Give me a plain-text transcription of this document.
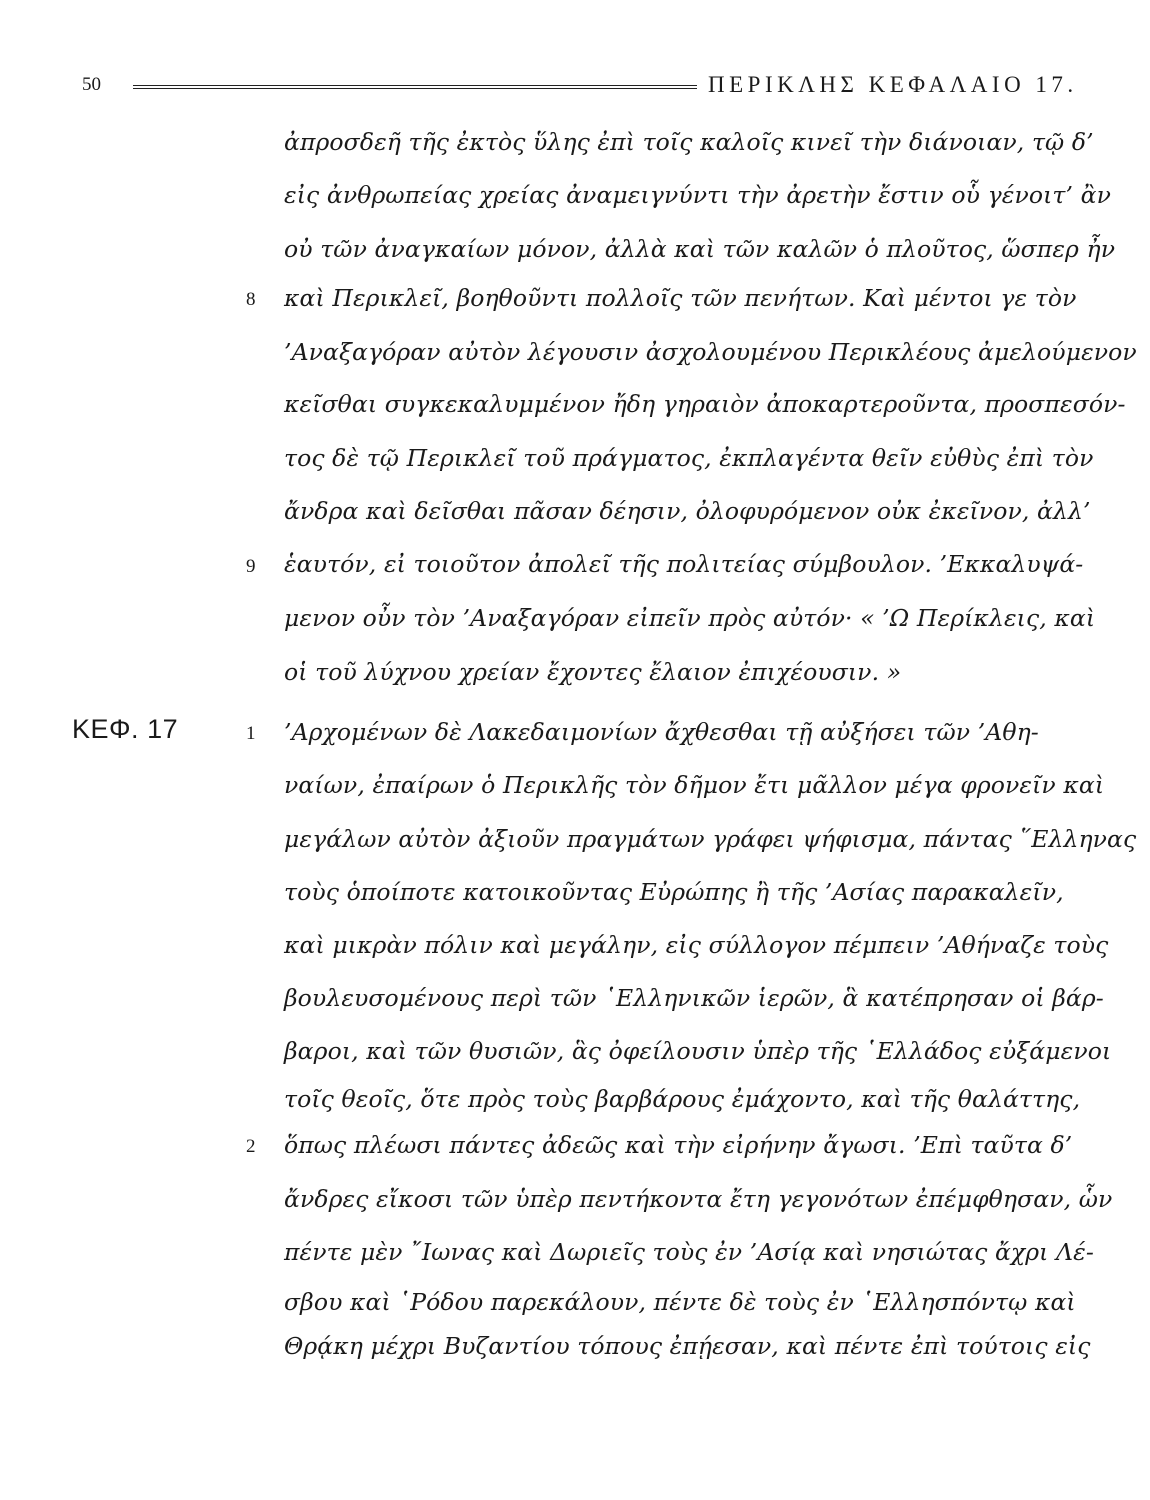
50	ΠΕΡΙΚΛΗΣ ΚΕΦΑΛΑΙΟ 17.
ΚΕΦ. 17
8
9
1
2
ἀπροσδεῆ τῆς ἐκτὸς ὕλης ἐπὶ τοῖς καλοῖς κινεῖ τὴν διάνοιαν, τῷ δ’
εἰς ἀνθρωπείας χρείας ἀναμειγνύντι τὴν ἀρετὴν ἔστιν οὗ γένοιτ’ ἂν
οὐ τῶν ἀναγκαίων μόνον, ἀλλὰ καὶ τῶν καλῶν ὁ πλοῦτος, ὥσπερ ἦν
καὶ Περικλεῖ, βοηθοῦντι πολλοῖς τῶν πενήτων. Καὶ μέντοι γε τὸν
’Αναξαγόραν αὐτὸν λέγουσιν ἀσχολουμένου Περικλέους ἀμελούμενον
κεῖσθαι συγκεκαλυμμένον ἤδη γηραιὸν ἀποκαρτεροῦντα, προσπεσόν-
τος δὲ τῷ Περικλεῖ τοῦ πράγματος, ἐκπλαγέντα θεῖν εὐθὺς ἐπὶ τὸν
ἄνδρα καὶ δεῖσθαι πᾶσαν δέησιν, ὀλοφυρόμενον οὐκ ἐκεῖνον, ἀλλ’
ἑαυτόν, εἰ τοιοῦτον ἀπολεῖ τῆς πολιτείας σύμβουλον. ’Εκκαλυψά-
μενον οὖν τὸν ’Αναξαγόραν εἰπεῖν πρὸς αὐτόν· « ’Ω Περίκλεις, καὶ
οἱ τοῦ λύχνου χρείαν ἔχοντες ἔλαιον ἐπιχέουσιν. »
’Αρχομένων δὲ Λακεδαιμονίων ἄχθεσθαι τῇ αὐξήσει τῶν ’Αθη-
ναίων, ἐπαίρων ὁ Περικλῆς τὸν δῆμον ἔτι μᾶλλον μέγα φρονεῖν καὶ
μεγάλων αὐτὸν ἀξιοῦν πραγμάτων γράφει ψήφισμα, πάντας ῞Ελληνας
τοὺς ὁποίποτε κατοικοῦντας Εὐρώπης ἢ τῆς ’Ασίας παρακαλεῖν,
καὶ μικρὰν πόλιν καὶ μεγάλην, εἰς σύλλογον πέμπειν ’Αθήναζε τοὺς
βουλευσομένους περὶ τῶν ῾Ελληνικῶν ἱερῶν, ἃ κατέπρησαν οἱ βάρ-
βαροι, καὶ τῶν θυσιῶν, ἃς ὀφείλουσιν ὑπὲρ τῆς ῾Ελλάδος εὐξάμενοι
τοῖς θεοῖς, ὅτε πρὸς τοὺς βαρβάρους ἐμάχοντο, καὶ τῆς θαλάττης,
ὅπως πλέωσι πάντες ἀδεῶς καὶ τὴν εἰρήνην ἄγωσι. ’Επὶ ταῦτα δ’
ἄνδρες εἴκοσι τῶν ὑπὲρ πεντήκοντα ἔτη γεγονότων ἐπέμφθησαν, ὧν
πέντε μὲν ῎Ιωνας καὶ Δωριεῖς τοὺς ἐν ’Ασίᾳ καὶ νησιώτας ἄχρι Λέ-
σβου καὶ ῾Ρόδου παρεκάλουν, πέντε δὲ τοὺς ἐν ῾Ελλησπόντῳ καὶ
Θρᾴκη μέχρι Βυζαντίου τόπους ἐπῄεσαν, καὶ πέντε ἐπὶ τούτοις εἰς
